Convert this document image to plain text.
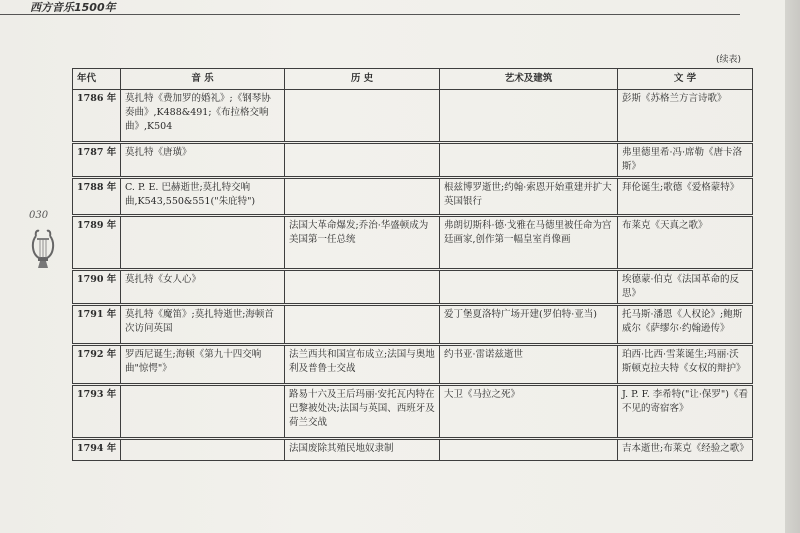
西方音乐1500年
(续表)
030
年代	音 乐	历 史	艺术及建筑	文 学
1786 年	莫扎特《费加罗的婚礼》;《钢琴协奏曲》,K488&491;《布拉格交响曲》,K504			彭斯《苏格兰方言诗歌》
1787 年	莫扎特《唐璜》			弗里德里希·冯·席勒《唐卡洛斯》
1788 年	C. P. E. 巴赫逝世;莫扎特交响曲,K543,550&551("朱庇特")		根兹博罗逝世;约翰·索恩开始重建并扩大英国银行	拜伦诞生;歌德《爱格蒙特》
1789 年		法国大革命爆发;乔治·华盛顿成为美国第一任总统	弗朗切斯科·德·戈雅在马德里被任命为宫廷画家,创作第一幅皇室肖像画	布莱克《天真之歌》
1790 年	莫扎特《女人心》			埃德蒙·伯克《法国革命的反思》
1791 年	莫扎特《魔笛》;莫扎特逝世;海顿首次访问英国		爱丁堡夏洛特广场开建(罗伯特·亚当)	托马斯·潘恩《人权论》;鲍斯威尔《萨缪尔·约翰逊传》
1792 年	罗西尼诞生;海顿《第九十四交响曲"惊愕"》	法兰西共和国宣布成立;法国与奥地利及普鲁士交战	约书亚·雷诺兹逝世	珀西·比西·雪莱诞生;玛丽·沃斯顿克拉夫特《女权的辩护》
1793 年		路易十六及王后玛丽·安托瓦内特在巴黎被处决;法国与英国、西班牙及荷兰交战	大卫《马拉之死》	J. P. F. 李希特("让·保罗")《看不见的寄宿客》
1794 年		法国废除其殖民地奴隶制		吉本逝世;布莱克《经验之歌》
